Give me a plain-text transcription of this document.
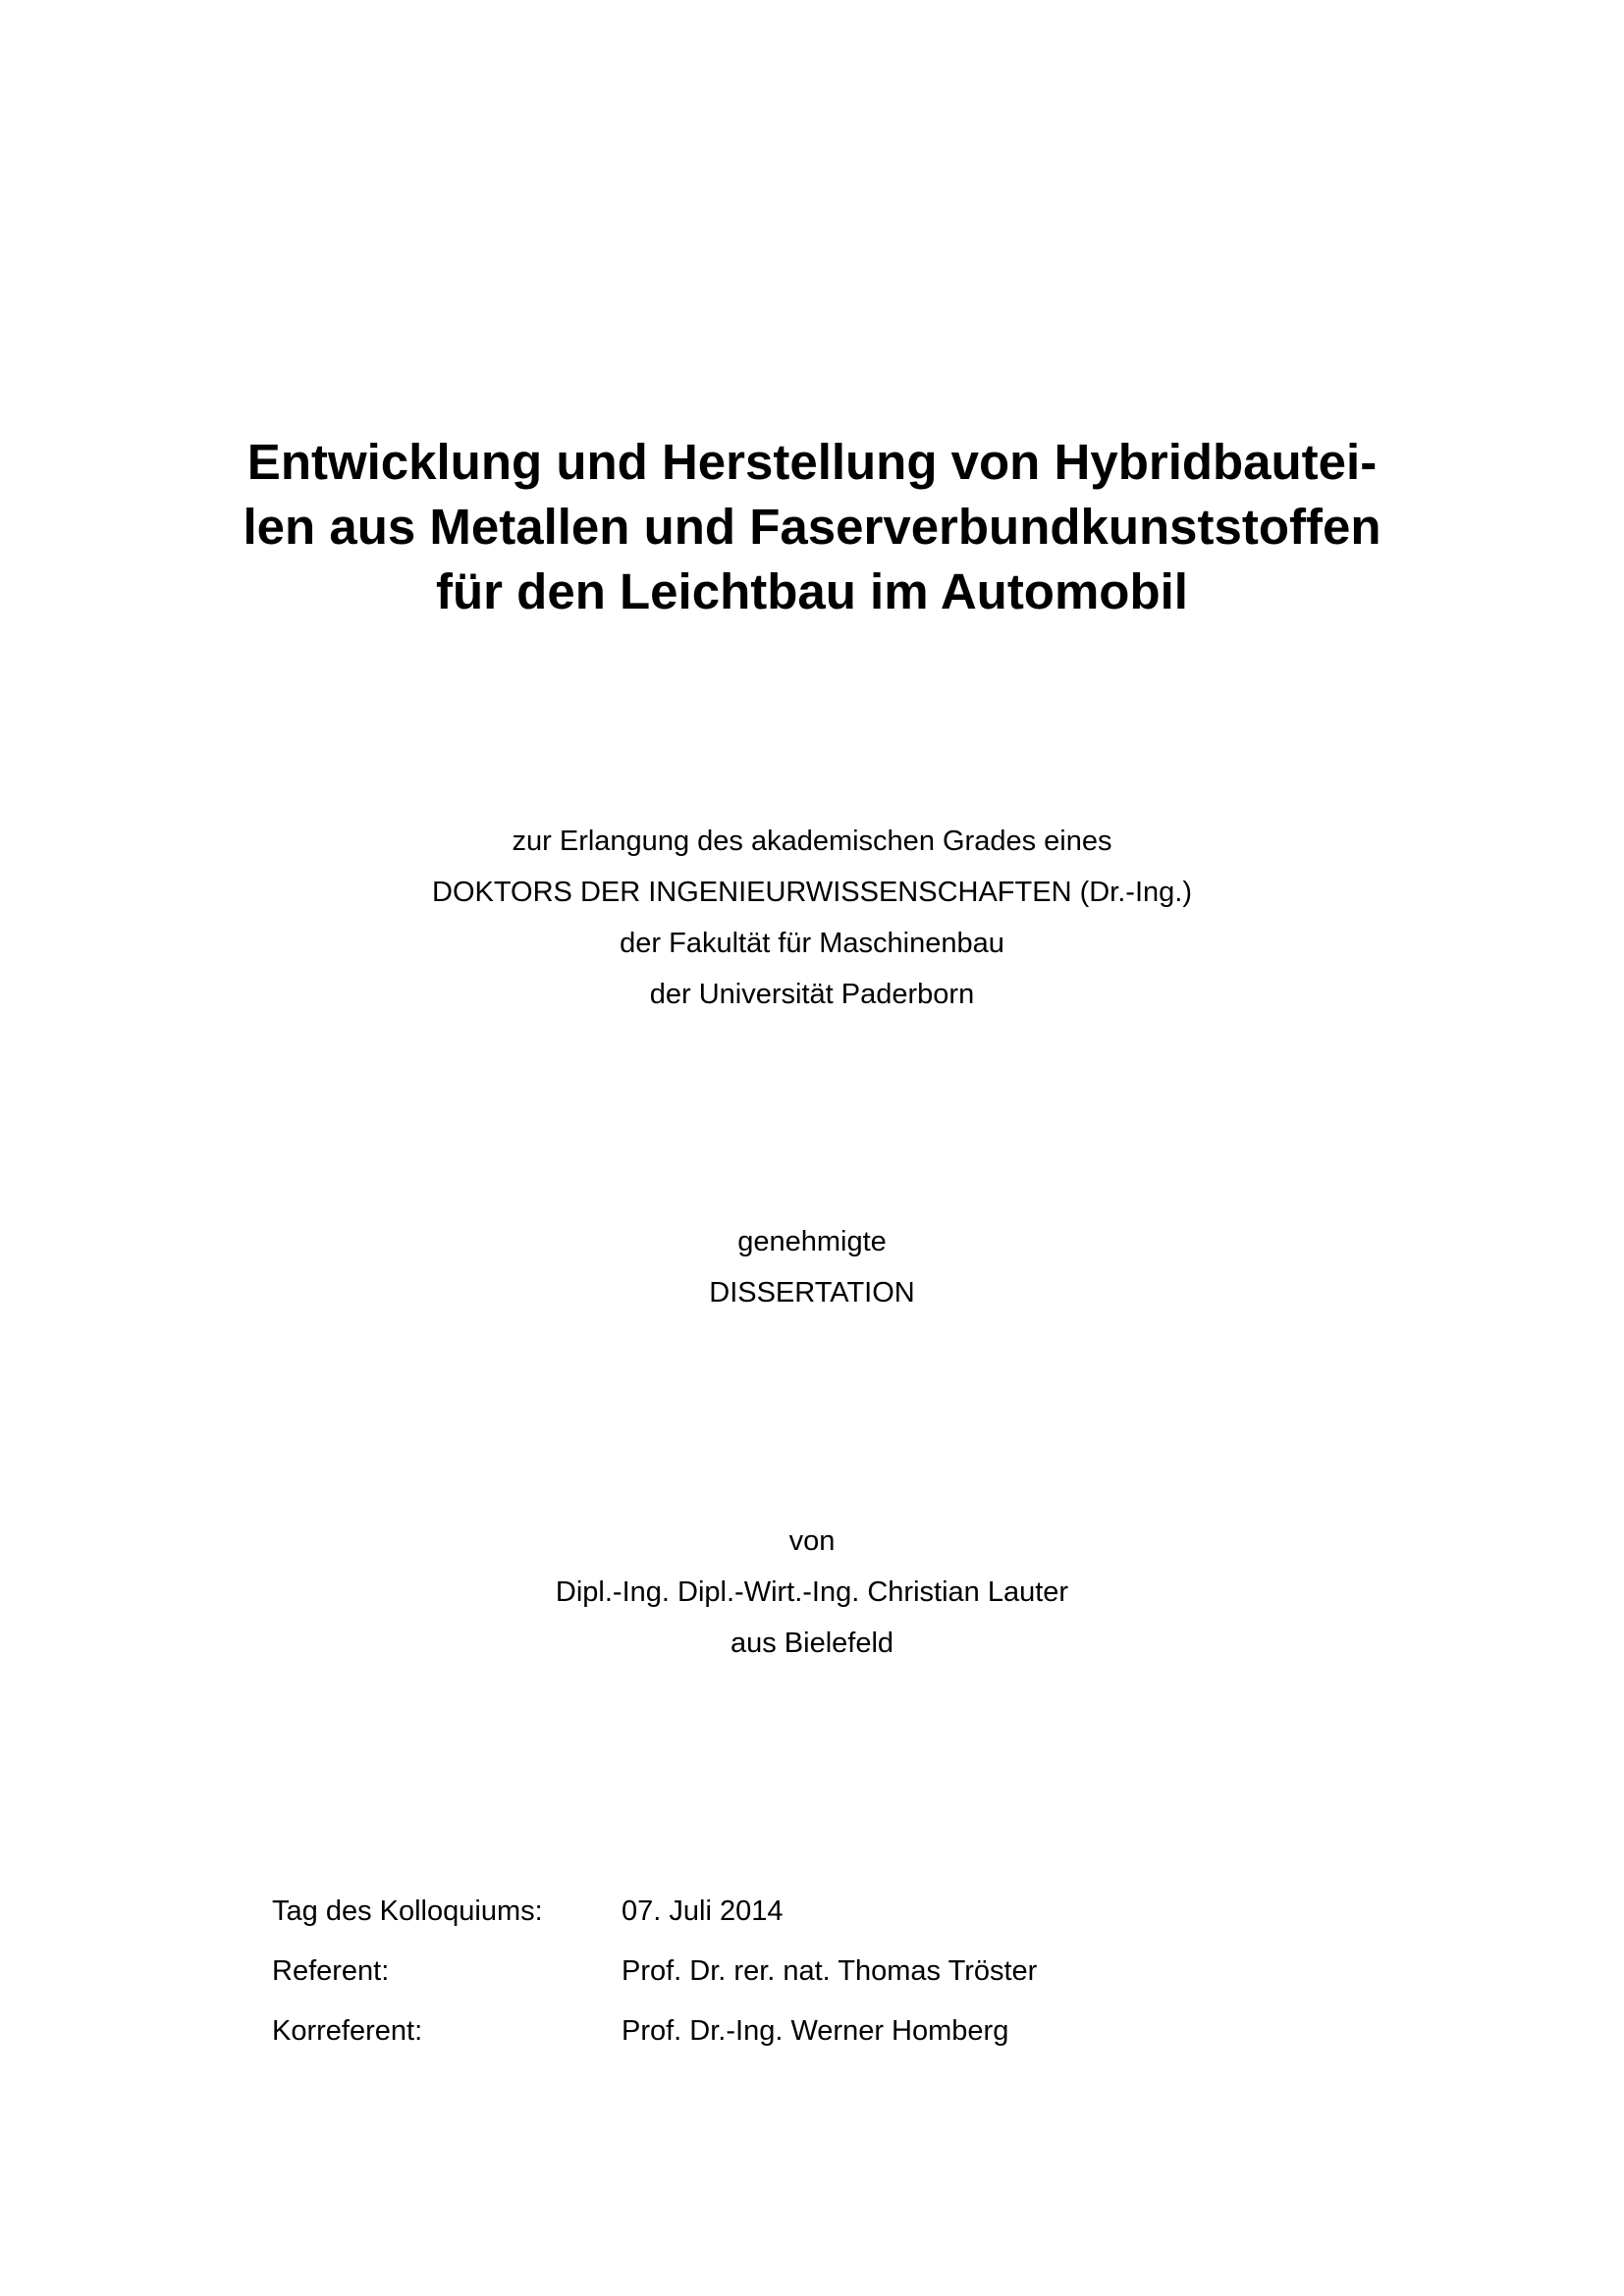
Entwicklung und Herstellung von Hybridbautei-
len aus Metallen und Faserverbundkunststoffen
für den Leichtbau im Automobil
zur Erlangung des akademischen Grades eines
DOKTORS DER INGENIEURWISSENSCHAFTEN (Dr.-Ing.)
der Fakultät für Maschinenbau
der Universität Paderborn
genehmigte
DISSERTATION
von
Dipl.-Ing. Dipl.-Wirt.-Ing. Christian Lauter
aus Bielefeld
Tag des Kolloquiums:	07. Juli 2014
Referent:	Prof. Dr. rer. nat. Thomas Tröster
Korreferent:	Prof. Dr.-Ing. Werner Homberg
